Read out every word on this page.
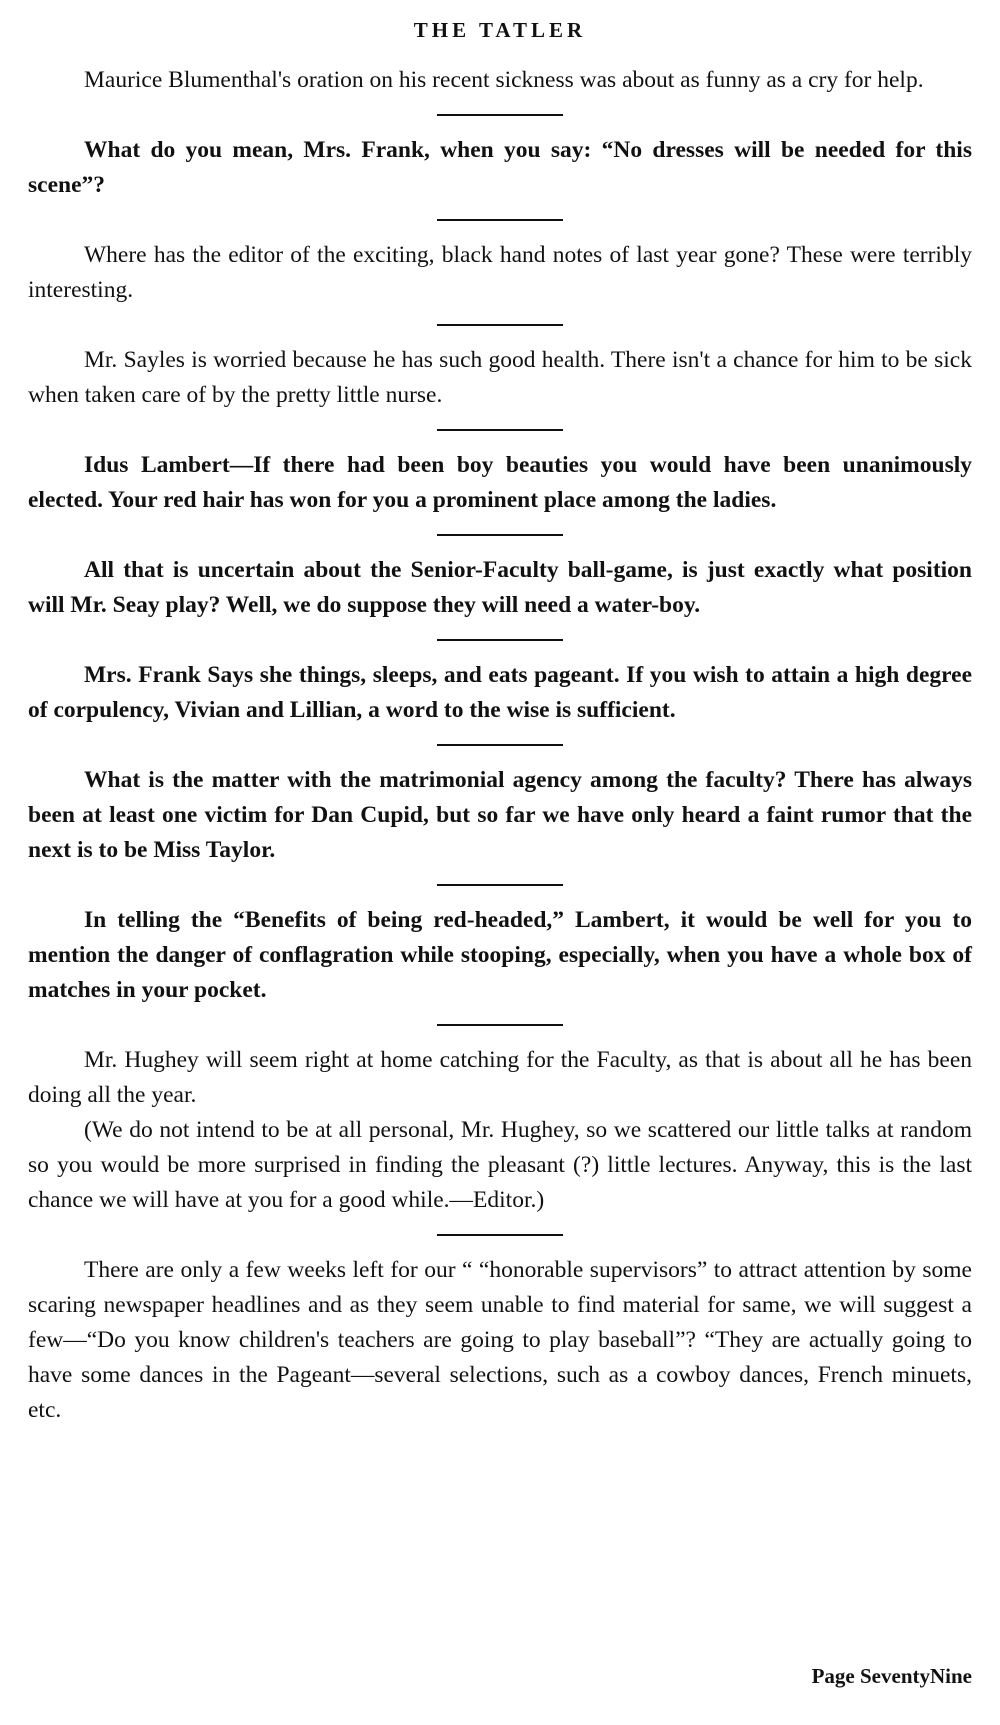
THE TATLER

Maurice Blumenthal's oration on his recent sickness was about as funny as a cry for help.

What do you mean, Mrs. Frank, when you say: “No dresses will be needed for this scene”?

Where has the editor of the exciting, black hand notes of last year gone? These were terribly interesting.

Mr. Sayles is worried because he has such good health. There isn't a chance for him to be sick when taken care of by the pretty little nurse.

Idus Lambert—If there had been boy beauties you would have been unanimously elected. Your red hair has won for you a prominent place among the ladies.

All that is uncertain about the Senior-Faculty ball-game, is just exactly what position will Mr. Seay play? Well, we do suppose they will need a water-boy.

Mrs. Frank Says she things, sleeps, and eats pageant. If you wish to attain a high degree of corpulency, Vivian and Lillian, a word to the wise is sufficient.

What is the matter with the matrimonial agency among the faculty? There has always been at least one victim for Dan Cupid, but so far we have only heard a faint rumor that the next is to be Miss Taylor.

In telling the “Benefits of being red-headed,” Lambert, it would be well for you to mention the danger of conflagration while stooping, especially, when you have a whole box of matches in your pocket.

Mr. Hughey will seem right at home catching for the Faculty, as that is about all he has been doing all the year.

(We do not intend to be at all personal, Mr. Hughey, so we scattered our little talks at random so you would be more surprised in finding the pleasant (?) little lectures. Anyway, this is the last chance we will have at you for a good while.—Editor.)

There are only a few weeks left for our “ “honorable supervisors” to attract attention by some scaring newspaper headlines and as they seem unable to find material for same, we will suggest a few—“Do you know children's teachers are going to play baseball”? “They are actually going to have some dances in the Pageant—several selections, such as a cowboy dances, French minuets, etc.

Page SeventyNine
